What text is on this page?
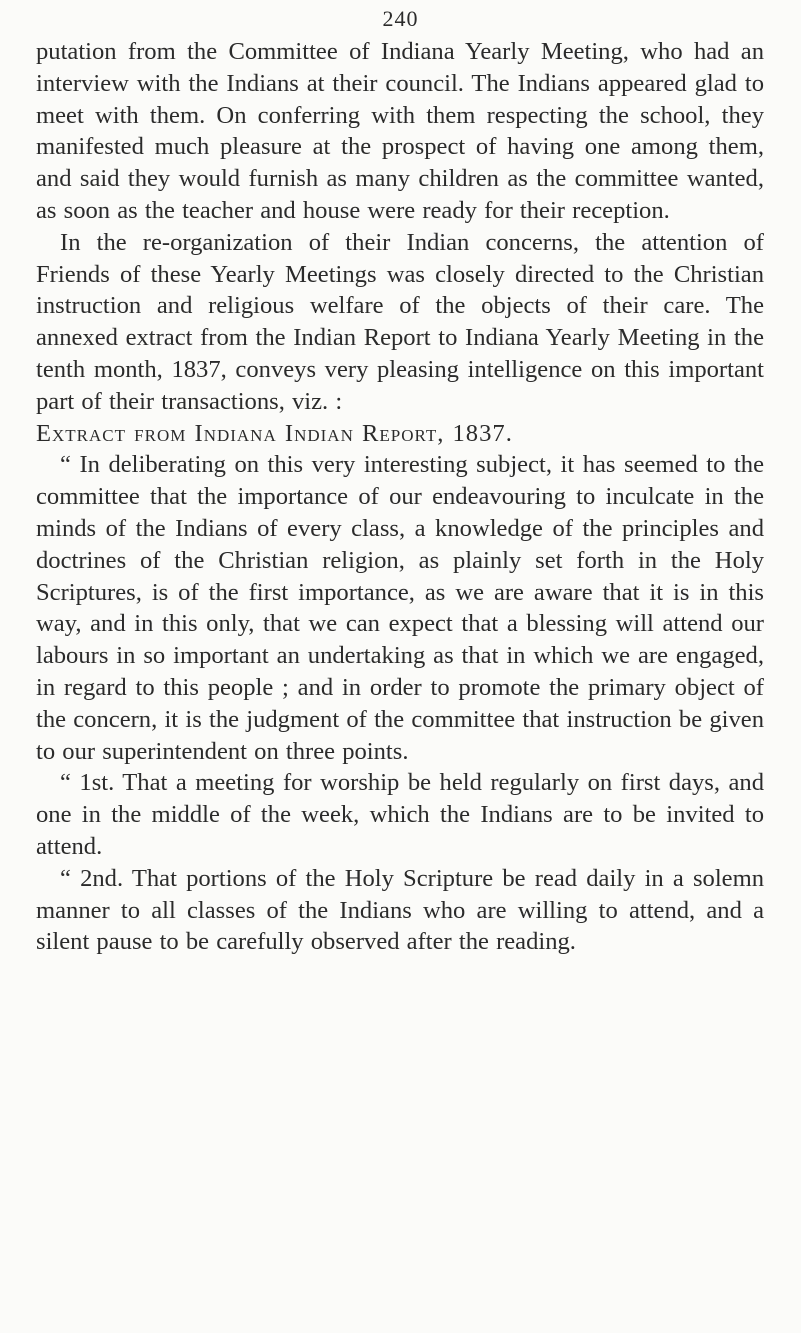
240

putation from the Committee of Indiana Yearly Meeting, who had an interview with the Indians at their council. The Indians appeared glad to meet with them. On conferring with them respecting the school, they manifested much pleasure at the prospect of having one among them, and said they would furnish as many children as the committee wanted, as soon as the teacher and house were ready for their reception.

In the re-organization of their Indian concerns, the attention of Friends of these Yearly Meetings was closely directed to the Christian instruction and religious welfare of the objects of their care. The annexed extract from the Indian Report to Indiana Yearly Meeting in the tenth month, 1837, conveys very pleasing intelligence on this important part of their transactions, viz. :

Extract from Indiana Indian Report, 1837.

“ In deliberating on this very interesting subject, it has seemed to the committee that the importance of our endeavouring to inculcate in the minds of the Indians of every class, a knowledge of the principles and doctrines of the Christian religion, as plainly set forth in the Holy Scriptures, is of the first importance, as we are aware that it is in this way, and in this only, that we can expect that a blessing will attend our labours in so important an undertaking as that in which we are engaged, in regard to this people ; and in order to promote the primary object of the concern, it is the judgment of the committee that instruction be given to our superintendent on three points.

“ 1st. That a meeting for worship be held regularly on first days, and one in the middle of the week, which the Indians are to be invited to attend.

“ 2nd. That portions of the Holy Scripture be read daily in a solemn manner to all classes of the Indians who are willing to attend, and a silent pause to be carefully observed after the reading.
